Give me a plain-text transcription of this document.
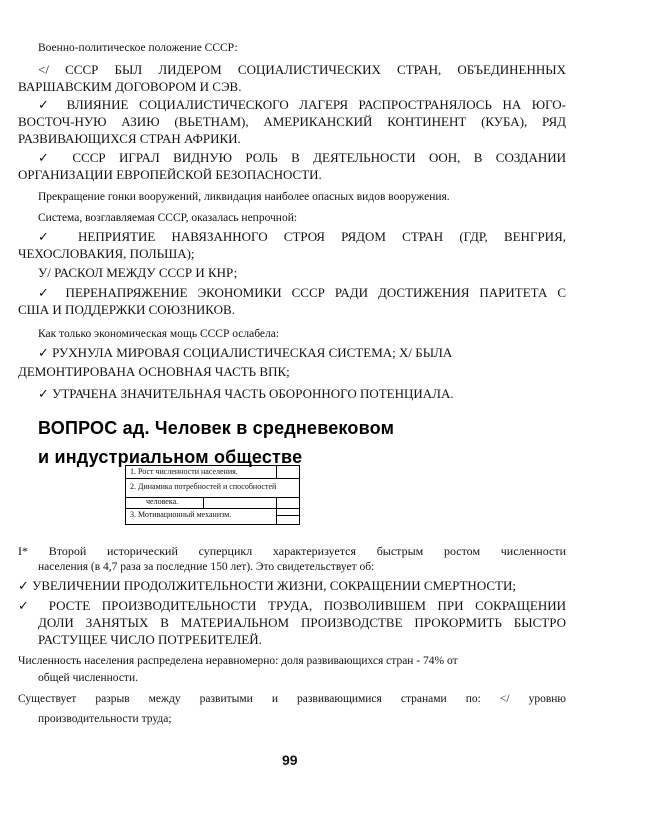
Военно-политическое положение СССР:
</ СССР БЫЛ ЛИДЕРОМ СОЦИАЛИСТИЧЕСКИХ СТРАН, ОБЪЕДИНЕННЫХ
ВАРШАВСКИМ ДОГОВОРОМ И СЭВ.
✓ ВЛИЯНИЕ СОЦИАЛИСТИЧЕСКОГО ЛАГЕРЯ РАСПРОСТРАНЯЛОСЬ НА ЮГО-
ВОСТОЧ-НУЮ АЗИЮ (ВЬЕТНАМ), АМЕРИКАНСКИЙ КОНТИНЕНТ (КУБА), РЯД
РАЗВИВАЮЩИХСЯ СТРАН АФРИКИ.
✓ СССР ИГРАЛ ВИДНУЮ РОЛЬ В ДЕЯТЕЛЬНОСТИ ООН, В СОЗДАНИИ
ОРГАНИЗАЦИИ ЕВРОПЕЙСКОЙ БЕЗОПАСНОСТИ.
Прекращение гонки вооружений, ликвидация наиболее опасных видов вооружения.
Система, возглавляемая СССР, оказалась непрочной:
✓ НЕПРИЯТИЕ НАВЯЗАННОГО СТРОЯ РЯДОМ СТРАН (ГДР, ВЕНГРИЯ,
ЧЕХОСЛОВАКИЯ, ПОЛЬША);
У/ РАСКОЛ МЕЖДУ СССР И КНР;
✓ ПЕРЕНАПРЯЖЕНИЕ ЭКОНОМИКИ СССР РАДИ ДОСТИЖЕНИЯ ПАРИТЕТА С
США И ПОДДЕРЖКИ СОЮЗНИКОВ.
Как только экономическая мощь СССР ослабела:
✓ РУХНУЛА МИРОВАЯ СОЦИАЛИСТИЧЕСКАЯ СИСТЕМА; Х/ БЫЛА
ДЕМОНТИРОВАНА ОСНОВНАЯ ЧАСТЬ ВПК;
✓ УТРАЧЕНА ЗНАЧИТЕЛЬНАЯ ЧАСТЬ ОБОРОННОГО ПОТЕНЦИАЛА.
ВОПРОС ад. Человек в средневековом
и индустриальном обществе
1. Рост численности населения.
2. Динамика потребностей и способностей
человека.
3. Мотивационный механизм.
I* Второй исторический суперцикл характеризуется быстрым ростом численности
населения (в 4,7 раза за последние 150 лет). Это свидетельствует об:
✓ УВЕЛИЧЕНИИ ПРОДОЛЖИТЕЛЬНОСТИ ЖИЗНИ, СОКРАЩЕНИИ СМЕРТНОСТИ;
✓ РОСТЕ ПРОИЗВОДИТЕЛЬНОСТИ ТРУДА, ПОЗВОЛИВШЕМ ПРИ СОКРАЩЕНИИ
ДОЛИ ЗАНЯТЫХ В МАТЕРИАЛЬНОМ ПРОИЗВОДСТВЕ ПРОКОРМИТЬ БЫСТРО
РАСТУЩЕЕ ЧИСЛО ПОТРЕБИТЕЛЕЙ.
Численность населения распределена неравномерно: доля развивающихся стран - 74% от
общей численности.
Существует разрыв между развитыми и развивающимися странами по: </ уровню
производительности труда;
99
